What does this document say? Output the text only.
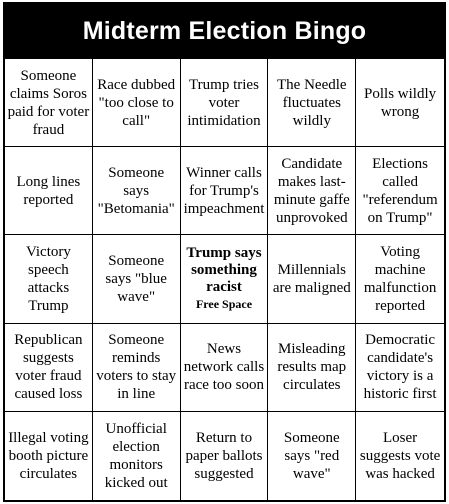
Midterm Election Bingo
Someone claims Soros paid for voter fraud
Race dubbed "too close to call"
Trump tries voter intimidation
The Needle fluctuates wildly
Polls wildly wrong
Long lines reported
Someone says "Betomania"
Winner calls for Trump's impeachment
Candidate makes last-minute gaffe unprovoked
Elections called "referendum on Trump"
Victory speech attacks Trump
Someone says "blue wave"
Trump says something racist
Free Space
Millennials are maligned
Voting machine malfunction reported
Republican suggests voter fraud caused loss
Someone reminds voters to stay in line
News network calls race too soon
Misleading results map circulates
Democratic candidate's victory is a historic first
Illegal voting booth picture circulates
Unofficial election monitors kicked out
Return to paper ballots suggested
Someone says "red wave"
Loser suggests vote was hacked
